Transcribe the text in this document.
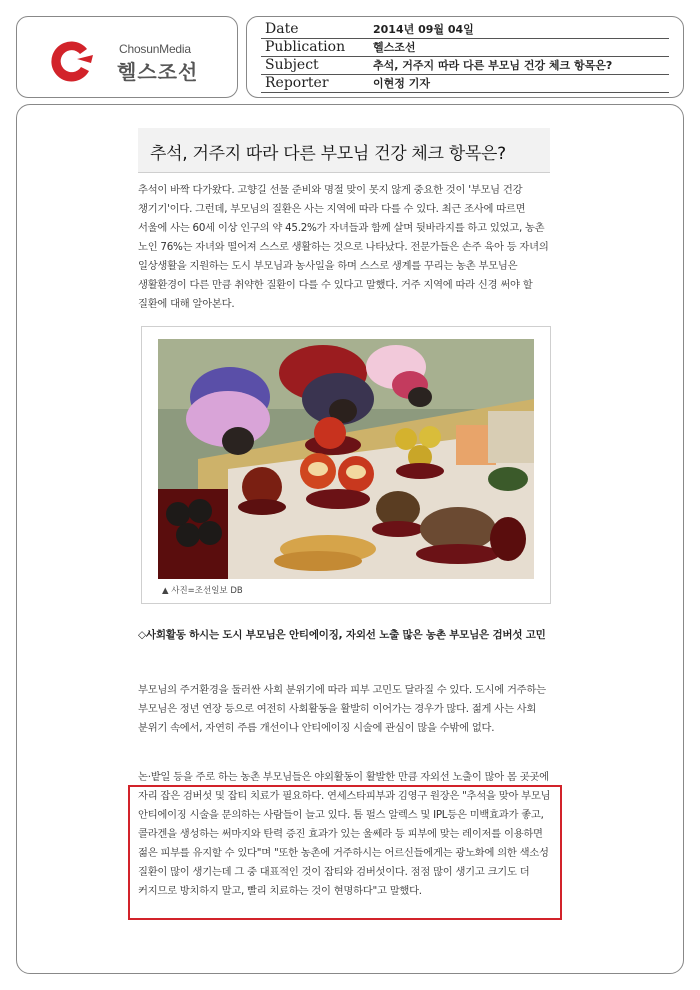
ChosunMedia
헬스조선
Date	2014년 09월 04일
Publication	헬스조선
Subject	추석, 거주지 따라 다른 부모님 건강 체크 항목은?
Reporter	이현정 기자
추석, 거주지 따라 다른 부모님 건강 체크 항목은?
추석이 바짝 다가왔다. 고향길 선물 준비와 명절 맞이 못지 않게 중요한 것이 '부모님 건강 챙기기'이다. 그런데, 부모님의 질환은 사는 지역에 따라 다를 수 있다. 최근 조사에 따르면 서울에 사는 60세 이상 인구의 약 45.2%가 자녀들과 함께 살며 뒷바라지를 하고 있었고, 농촌 노인 76%는 자녀와 떨어져 스스로 생활하는 것으로 나타났다. 전문가들은 손주 육아 등 자녀의 일상생활을 지원하는 도시 부모님과 농사일을 하며 스스로 생계를 꾸리는 농촌 부모님은 생활환경이 다른 만큼 취약한 질환이 다를 수 있다고 말했다. 거주 지역에 따라 신경 써야 할 질환에 대해 알아본다.
▲ 사진=조선일보 DB
◇사회활동 하시는 도시 부모님은 안티에이징, 자외선 노출 많은 농촌 부모님은 검버섯 고민
부모님의 주거환경을 둘러싼 사회 분위기에 따라 피부 고민도 달라질 수 있다. 도시에 거주하는 부모님은 정년 연장 등으로 여전히 사회활동을 활발히 이어가는 경우가 많다. 젊게 사는 사회 분위기 속에서, 자연히 주름 개선이나 안티에이징 시술에 관심이 많을 수밖에 없다.
논·밭일 등을 주로 하는 농촌 부모님들은 야외활동이 활발한 만큼 자외선 노출이 많아 몸 곳곳에 자리 잡은 검버섯 및 잡티 치료가 필요하다. 연세스타피부과 김영구 원장은 "추석을 맞아 부모님 안티에이징 시술을 문의하는 사람들이 늘고 있다. 톰 펄스 알렉스 및 IPL등은 미백효과가 좋고, 콜라겐을 생성하는 써마지와 탄력 증진 효과가 있는 울쎄라 등 피부에 맞는 레이저를 이용하면 젊은 피부를 유지할 수 있다"며 "또한 농촌에 거주하시는 어르신들에게는 광노화에 의한 색소성 질환이 많이 생기는데 그 중 대표적인 것이 잡티와 검버섯이다. 점점 많이 생기고 크기도 더 커지므로 방치하지 말고, 빨리 치료하는 것이 현명하다"고 말했다.
